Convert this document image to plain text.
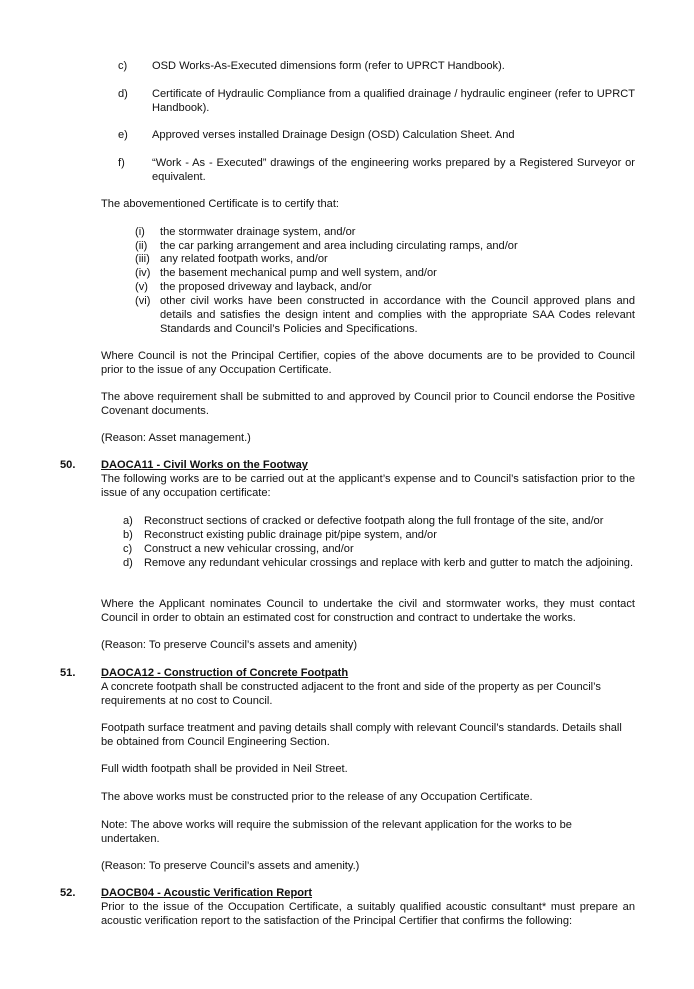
c) OSD Works-As-Executed dimensions form (refer to UPRCT Handbook).
d) Certificate of Hydraulic Compliance from a qualified drainage / hydraulic engineer (refer to UPRCT Handbook).
e) Approved verses installed Drainage Design (OSD) Calculation Sheet. And
f) “Work - As - Executed” drawings of the engineering works prepared by a Registered Surveyor or equivalent.
The abovementioned Certificate is to certify that:
(i) the stormwater drainage system, and/or
(ii) the car parking arrangement and area including circulating ramps, and/or
(iii) any related footpath works, and/or
(iv) the basement mechanical pump and well system, and/or
(v) the proposed driveway and layback, and/or
(vi) other civil works have been constructed in accordance with the Council approved plans and details and satisfies the design intent and complies with the appropriate SAA Codes relevant Standards and Council’s Policies and Specifications.
Where Council is not the Principal Certifier, copies of the above documents are to be provided to Council prior to the issue of any Occupation Certificate.
The above requirement shall be submitted to and approved by Council prior to Council endorse the Positive Covenant documents.
(Reason: Asset management.)
50. DAOCA11 - Civil Works on the Footway
The following works are to be carried out at the applicant’s expense and to Council’s satisfaction prior to the issue of any occupation certificate:
a) Reconstruct sections of cracked or defective footpath along the full frontage of the site, and/or
b) Reconstruct existing public drainage pit/pipe system, and/or
c) Construct a new vehicular crossing, and/or
d) Remove any redundant vehicular crossings and replace with kerb and gutter to match the adjoining.
Where the Applicant nominates Council to undertake the civil and stormwater works, they must contact Council in order to obtain an estimated cost for construction and contract to undertake the works.
(Reason: To preserve Council’s assets and amenity)
51. DAOCA12 - Construction of Concrete Footpath
A concrete footpath shall be constructed adjacent to the front and side of the property as per Council’s requirements at no cost to Council.
Footpath surface treatment and paving details shall comply with relevant Council’s standards. Details shall be obtained from Council Engineering Section.
Full width footpath shall be provided in Neil Street.
The above works must be constructed prior to the release of any Occupation Certificate.
Note: The above works will require the submission of the relevant application for the works to be undertaken.
(Reason: To preserve Council’s assets and amenity.)
52. DAOCB04 - Acoustic Verification Report
Prior to the issue of the Occupation Certificate, a suitably qualified acoustic consultant* must prepare an acoustic verification report to the satisfaction of the Principal Certifier that confirms the following:
